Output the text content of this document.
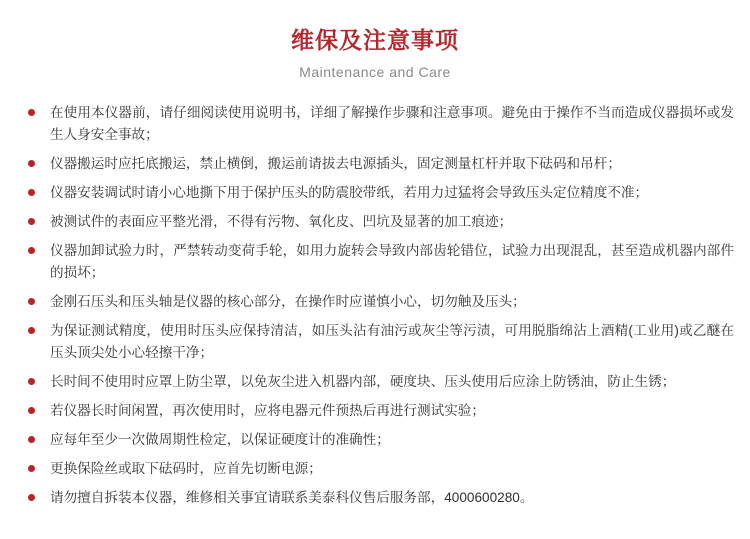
维保及注意事项
Maintenance and Care
在使用本仪器前，请仔细阅读使用说明书，详细了解操作步骤和注意事项。避免由于操作不当而造成仪器损坏或发生人身安全事故；
仪器搬运时应托底搬运，禁止横倒，搬运前请拔去电源插头，固定测量杠杆并取下砝码和吊杆；
仪器安装调试时请小心地撕下用于保护压头的防震胶带纸，若用力过猛将会导致压头定位精度不准；
被测试件的表面应平整光滑，不得有污物、氧化皮、凹坑及显著的加工痕迹；
仪器加卸试验力时，严禁转动变荷手轮，如用力旋转会导致内部齿轮错位，试验力出现混乱，甚至造成机器内部件的损坏；
金刚石压头和压头轴是仪器的核心部分，在操作时应谨慎小心，切勿触及压头；
为保证测试精度，使用时压头应保持清洁，如压头沾有油污或灰尘等污渍，可用脱脂绵沾上酒精(工业用)或乙醚在压头顶尖处小心轻擦干净；
长时间不使用时应罩上防尘罩，以免灰尘进入机器内部，硬度块、压头使用后应涂上防锈油，防止生锈；
若仪器长时间闲置，再次使用时，应将电器元件预热后再进行测试实验；
应每年至少一次做周期性检定，以保证硬度计的准确性；
更换保险丝或取下砝码时，应首先切断电源；
请勿擅自拆装本仪器，维修相关事宜请联系美泰科仪售后服务部，4000600280。
